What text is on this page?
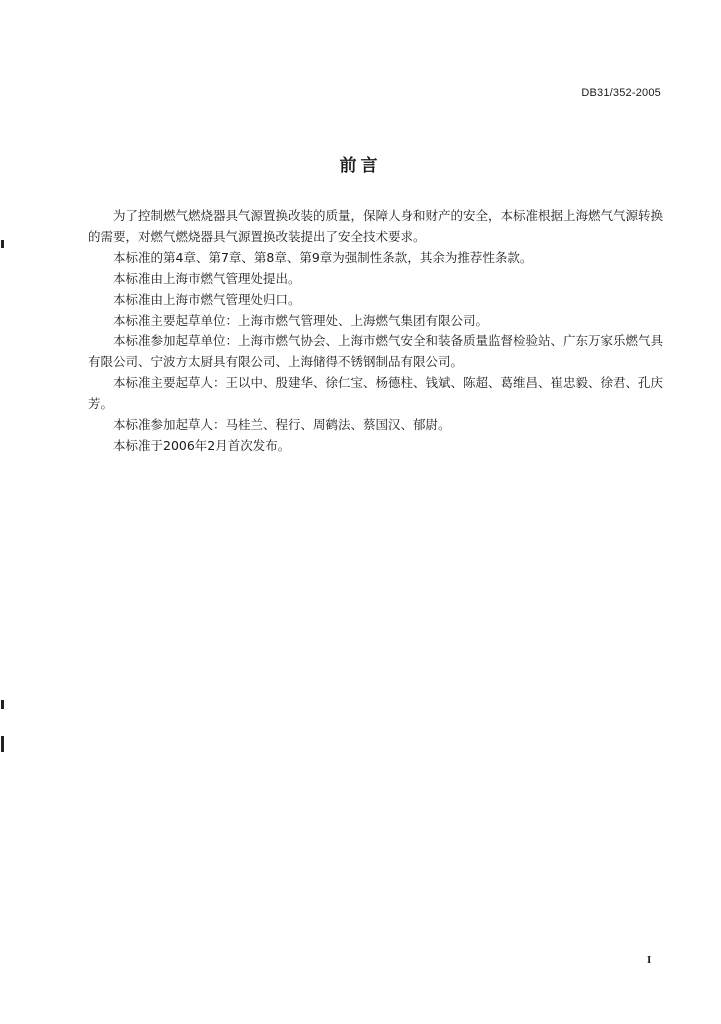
DB31/352-2005
前言

为了控制燃气燃烧器具气源置换改装的质量，保障人身和财产的安全，本标准根据上海燃气气源转换的需要，对燃气燃烧器具气源置换改装提出了安全技术要求。

本标准的第4章、第7章、第8章、第9章为强制性条款，其余为推荐性条款。

本标准由上海市燃气管理处提出。

本标准由上海市燃气管理处归口。

本标准主要起草单位：上海市燃气管理处、上海燃气集团有限公司。

本标准参加起草单位：上海市燃气协会、上海市燃气安全和装备质量监督检验站、广东万家乐燃气具有限公司、宁波方太厨具有限公司、上海储得不锈钢制品有限公司。

本标准主要起草人：王以中、殷建华、徐仁宝、杨德柱、钱斌、陈超、葛维昌、崔忠毅、徐君、孔庆芳。

本标准参加起草人：马桂兰、程行、周鹤法、蔡国汉、郁尉。

本标准于2006年2月首次发布。

I
